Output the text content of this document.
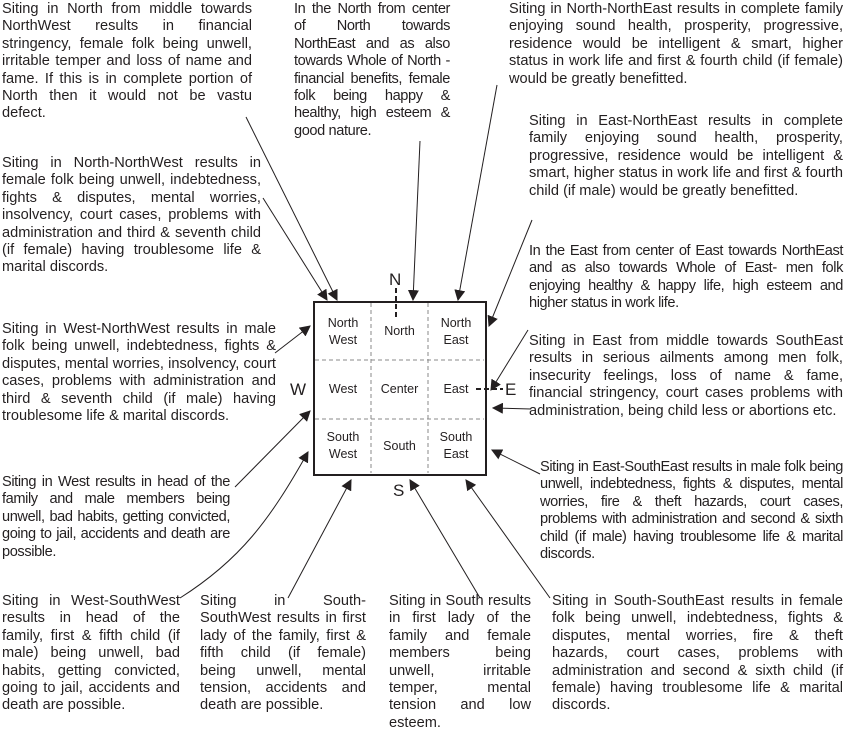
Siting in North from middle towards NorthWest results in financial stringency, female folk being unwell, irritable temper and loss of name and fame. If this is in complete portion of North then it would not be vastu defect.
In the North from center of North towards NorthEast and as also towards Whole of North - financial benefits, female folk being happy & healthy, high esteem & good nature.
Siting in North-NorthEast results in complete family enjoying sound health, prosperity, progressive, residence would be intelligent & smart, higher status in work life and first & fourth child (if female) would be greatly benefitted.
Siting in East-NorthEast results in complete family enjoying sound health, prosperity, progressive, residence would be intelligent & smart, higher status in work life and first & fourth child (if male) would be greatly benefitted.
In the East from center of East towards NorthEast and as also towards Whole of East- men folk enjoying healthy & happy life, high esteem and higher status in work life.
Siting in East from middle towards SouthEast results in serious ailments among men folk, insecurity feelings, loss of name & fame, financial stringency, court cases problems with administration, being child less or abortions etc.
Siting in East-SouthEast results in male folk being unwell, indebtedness, fights & disputes, mental worries, fire & theft hazards, court cases, problems with administration and second & sixth child (if male) having troublesome life & marital discords.
Siting in North-NorthWest results in female folk being unwell, indebtedness, fights & disputes, mental worries, insolvency, court cases, problems with administration and third & seventh child (if female) having troublesome life & marital discords.
Siting in West-NorthWest results in male folk being unwell, indebtedness, fights & disputes, mental worries, insolvency, court cases, problems with administration and third & seventh child (if male) having troublesome life & marital discords.
Siting in West results in head of the family and male members being unwell, bad habits, getting convicted, going to jail, accidents and death are possible.
Siting in West-SouthWest results in head of the family, first & fifth child (if male) being unwell, bad habits, getting convicted, going to jail, accidents and death are possible.
Siting in South-SouthWest results in first lady of the family, first & fifth child (if female) being unwell, mental tension, accidents and death are possible.
Siting in South results in first lady of the family and female members being unwell, irritable temper, mental tension and low esteem.
Siting in South-SouthEast results in female folk being unwell, indebtedness, fights & disputes, mental worries, fire & theft hazards, court cases, problems with administration and second & sixth child (if female) having troublesome life & marital discords.
North West
North
North East
West Center East
South West
South
South East
N
S
E
W
